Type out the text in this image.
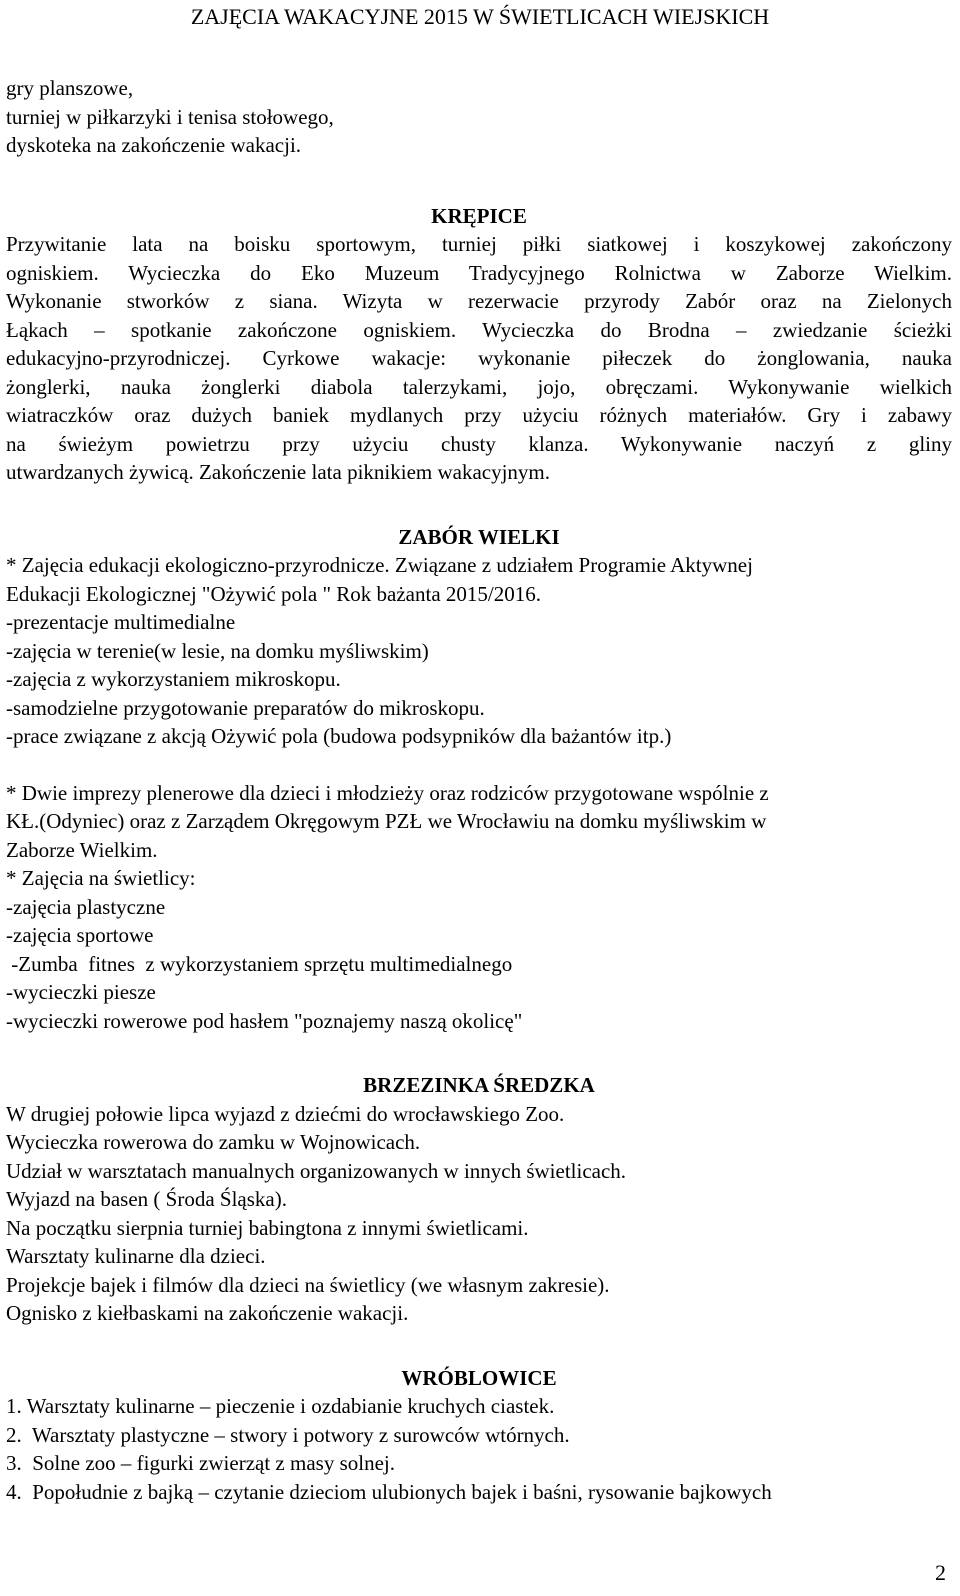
ZAJĘCIA WAKACYJNE 2015 W ŚWIETLICACH WIEJSKICH
gry planszowe,
turniej w piłkarzyki i tenisa stołowego,
dyskoteka na zakończenie wakacji.
KRĘPICE
Przywitanie lata na boisku sportowym, turniej piłki siatkowej i koszykowej zakończony
ogniskiem. Wycieczka do Eko Muzeum Tradycyjnego Rolnictwa w Zaborze Wielkim.
Wykonanie stworków z siana. Wizyta w rezerwacie przyrody Zabór oraz na Zielonych
Łąkach – spotkanie zakończone ogniskiem. Wycieczka do Brodna – zwiedzanie ścieżki
edukacyjno-przyrodniczej. Cyrkowe wakacje: wykonanie piłeczek do żonglowania, nauka
żonglerki, nauka żonglerki diabola talerzykami, jojo, obręczami. Wykonywanie wielkich
wiatraczków oraz dużych baniek mydlanych przy użyciu różnych materiałów. Gry i zabawy
na świeżym powietrzu przy użyciu chusty klanza. Wykonywanie naczyń z gliny
utwardzanych żywicą. Zakończenie lata piknikiem wakacyjnym.
ZABÓR WIELKI
* Zajęcia edukacji ekologiczno-przyrodnicze. Związane z udziałem Programie Aktywnej
Edukacji Ekologicznej "Ożywić pola " Rok bażanta 2015/2016.
-prezentacje multimedialne
-zajęcia w terenie(w lesie, na domku myśliwskim)
-zajęcia z wykorzystaniem mikroskopu.
-samodzielne przygotowanie preparatów do mikroskopu.
-prace związane z akcją Ożywić pola (budowa podsypników dla bażantów itp.)
* Dwie imprezy plenerowe dla dzieci i młodzieży oraz rodziców przygotowane wspólnie z
KŁ.(Odyniec) oraz z Zarządem Okręgowym PZŁ we Wrocławiu na domku myśliwskim w
Zaborze Wielkim.
* Zajęcia na świetlicy:
-zajęcia plastyczne
-zajęcia sportowe
-Zumba  fitnes  z wykorzystaniem sprzętu multimedialnego
-wycieczki piesze
-wycieczki rowerowe pod hasłem "poznajemy naszą okolicę"
BRZEZINKA ŚREDZKA
W drugiej połowie lipca wyjazd z dziećmi do wrocławskiego Zoo.
Wycieczka rowerowa do zamku w Wojnowicach.
Udział w warsztatach manualnych organizowanych w innych świetlicach.
Wyjazd na basen ( Środa Śląska).
Na początku sierpnia turniej babingtona z innymi świetlicami.
Warsztaty kulinarne dla dzieci.
Projekcje bajek i filmów dla dzieci na świetlicy (we własnym zakresie).
Ognisko z kiełbaskami na zakończenie wakacji.
WRÓBLOWICE
1. Warsztaty kulinarne – pieczenie i ozdabianie kruchych ciastek.
2.  Warsztaty plastyczne – stwory i potwory z surowców wtórnych.
3.  Solne zoo – figurki zwierząt z masy solnej.
4.  Popołudnie z bajką – czytanie dzieciom ulubionych bajek i baśni, rysowanie bajkowych
2
